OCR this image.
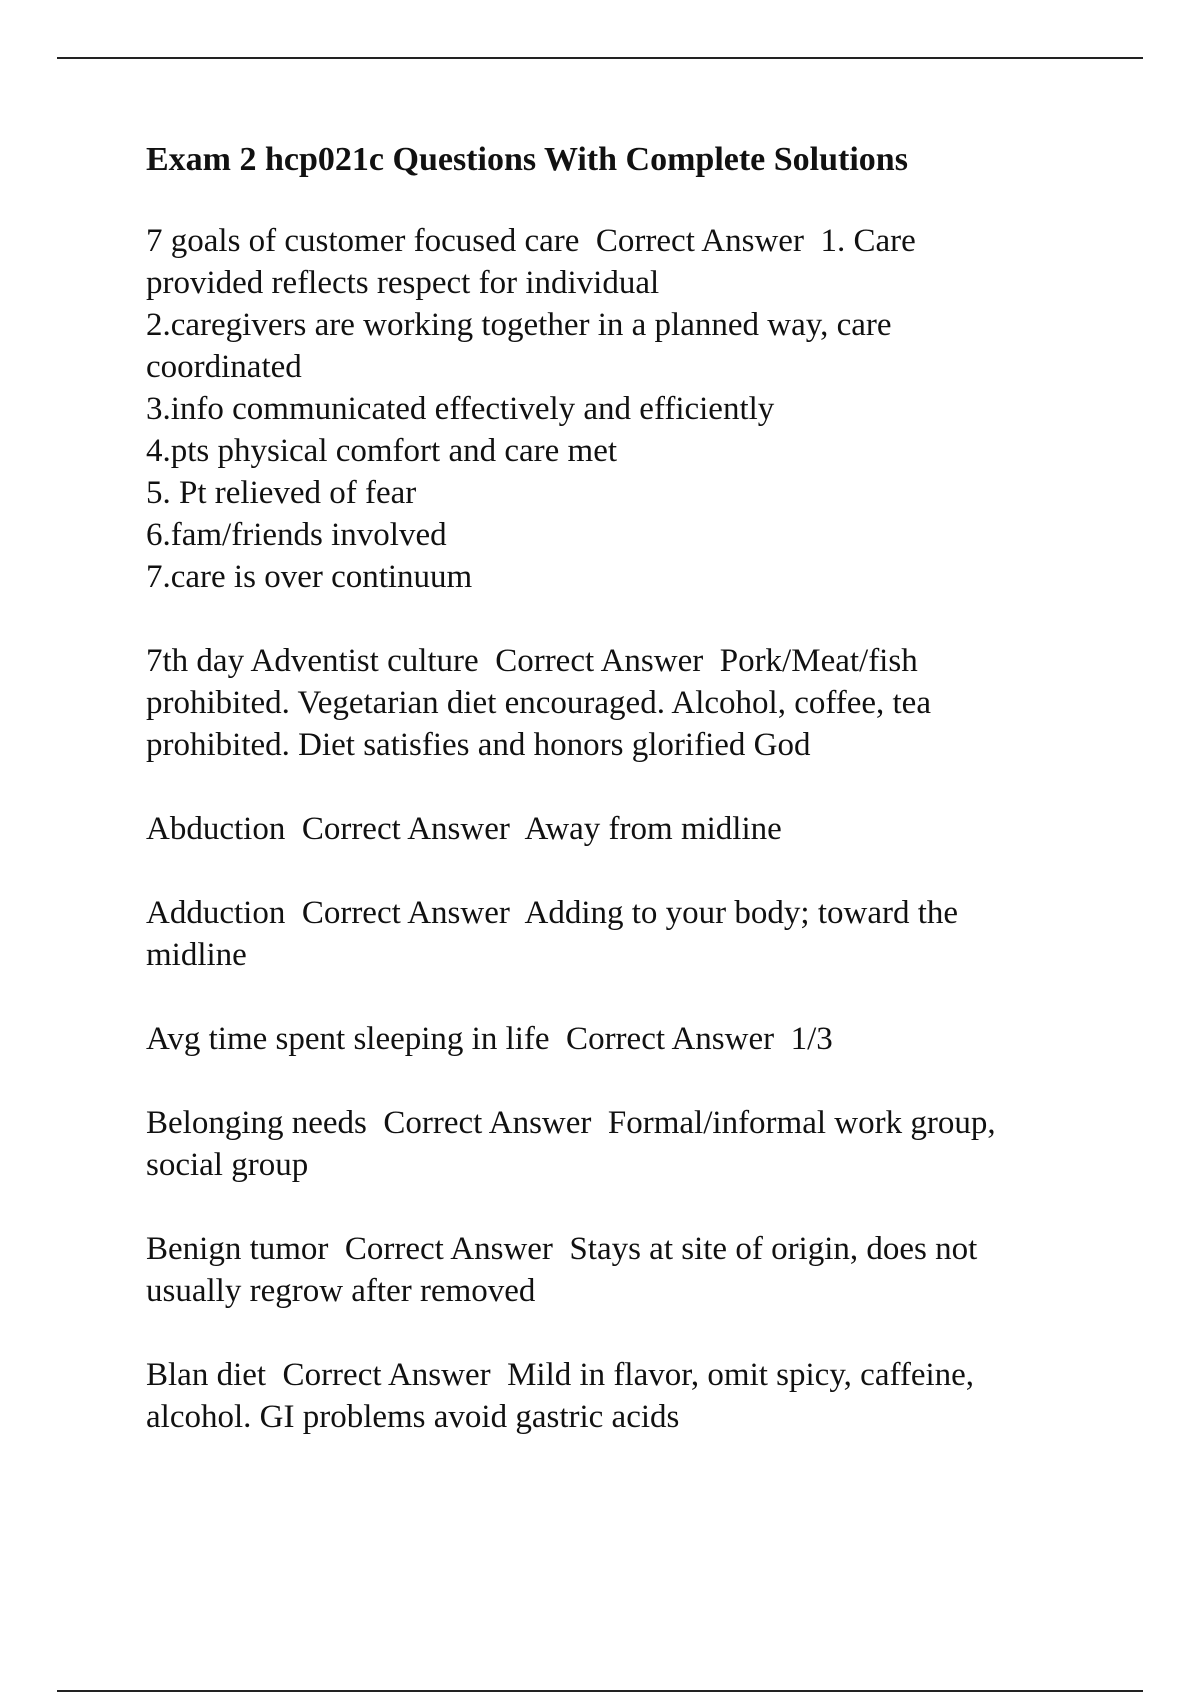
Exam 2 hcp021c Questions With Complete Solutions
7 goals of customer focused care  Correct Answer  1. Care
provided reflects respect for individual
2.caregivers are working together in a planned way, care
coordinated
3.info communicated effectively and efficiently
4.pts physical comfort and care met
5. Pt relieved of fear
6.fam/friends involved
7.care is over continuum
7th day Adventist culture  Correct Answer  Pork/Meat/fish
prohibited. Vegetarian diet encouraged. Alcohol, coffee, tea
prohibited. Diet satisfies and honors glorified God
Abduction  Correct Answer  Away from midline
Adduction  Correct Answer  Adding to your body; toward the
midline
Avg time spent sleeping in life  Correct Answer  1/3
Belonging needs  Correct Answer  Formal/informal work group,
social group
Benign tumor  Correct Answer  Stays at site of origin, does not
usually regrow after removed
Blan diet  Correct Answer  Mild in flavor, omit spicy, caffeine,
alcohol. GI problems avoid gastric acids
